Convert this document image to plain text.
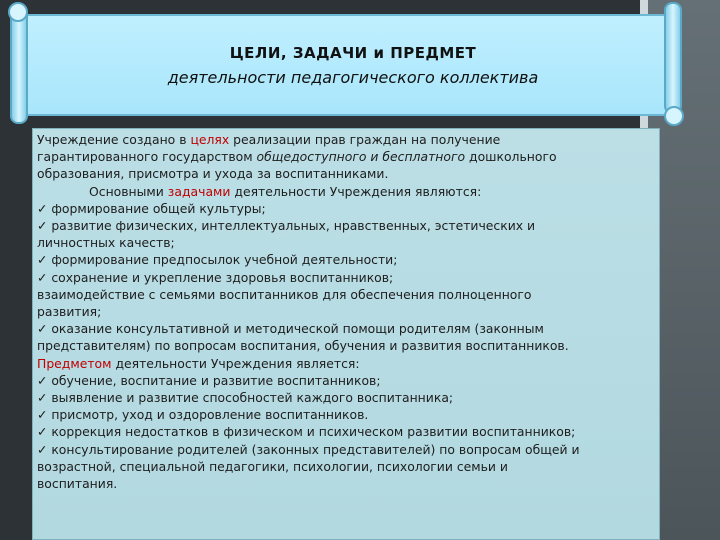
ЦЕЛИ, ЗАДАЧИ и ПРЕДМЕТ
деятельности педагогического коллектива

Учреждение создано в целях реализации прав граждан на получение
гарантированного государством общедоступного и бесплатного дошкольного
образования, присмотра и ухода за воспитанниками.

Основными задачами деятельности Учреждения являются:

✓ формирование общей культуры;

✓ развитие физических, интеллектуальных, нравственных, эстетических и

личностных качеств;

✓ формирование предпосылок учебной деятельности;

✓ сохранение и укрепление здоровья воспитанников;

взаимодействие с семьями воспитанников для обеспечения полноценного

развития;

✓ оказание консультативной и методической помощи родителям (законным

представителям) по вопросам воспитания, обучения и развития воспитанников.

Предметом деятельности Учреждения является:

✓ обучение, воспитание и развитие воспитанников;

✓ выявление и развитие способностей каждого воспитанника;

✓ присмотр, уход и оздоровление воспитанников.

✓ коррекция недостатков в физическом и психическом развитии воспитанников;

✓ консультирование родителей (законных представителей) по вопросам общей и

возрастной, специальной педагогики, психологии, психологии семьи и

воспитания.
